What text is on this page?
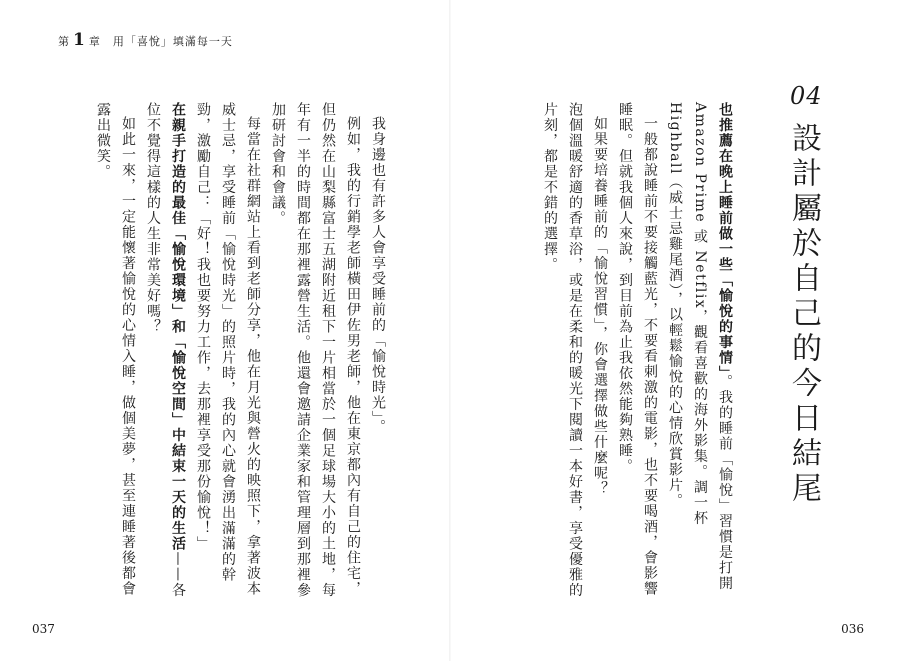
第 1 章　用「喜悅」填滿每一天
04
設計屬於自己的今日結尾

也推薦在晚上睡前做一些「愉悅的事情」。我的睡前「愉悅」習慣是打開 Amazon Prime 或 Netflix，觀看喜歡的海外影集。調一杯 Highball（威士忌雞尾酒），以輕鬆愉悅的心情欣賞影片。

一般都說睡前不要接觸藍光，不要看刺激的電影，也不要喝酒，會影響睡眠。但就我個人來說，到目前為止我依然能夠熟睡。

如果要培養睡前的「愉悅習慣」，你會選擇做些什麼呢？

泡個溫暖舒適的香草浴，或是在柔和的暖光下閱讀一本好書，享受優雅的片刻，都是不錯的選擇。

我身邊也有許多人會享受睡前的「愉悅時光」。

例如，我的行銷學老師橫田伊佐男老師，他在東京都內有自己的住宅，但仍然在山梨縣富士五湖附近租下一片相當於一個足球場大小的土地，每年有一半的時間都在那裡露營生活。他還會邀請企業家和管理層到那裡參加研討會和會議。

每當在社群網站上看到老師分享，他在月光與營火的映照下，拿著波本威士忌，享受睡前「愉悅時光」的照片時，我的內心就會湧出滿滿的幹勁，激勵自己：「好！我也要努力工作，去那裡享受那份愉悅！」

在親手打造的最佳「愉悅環境」和「愉悅空間」中結束一天的生活——各位不覺得這樣的人生非常美好嗎？

如此一來，一定能懷著愉悅的心情入睡，做個美夢，甚至連睡著後都會露出微笑。

037	036
